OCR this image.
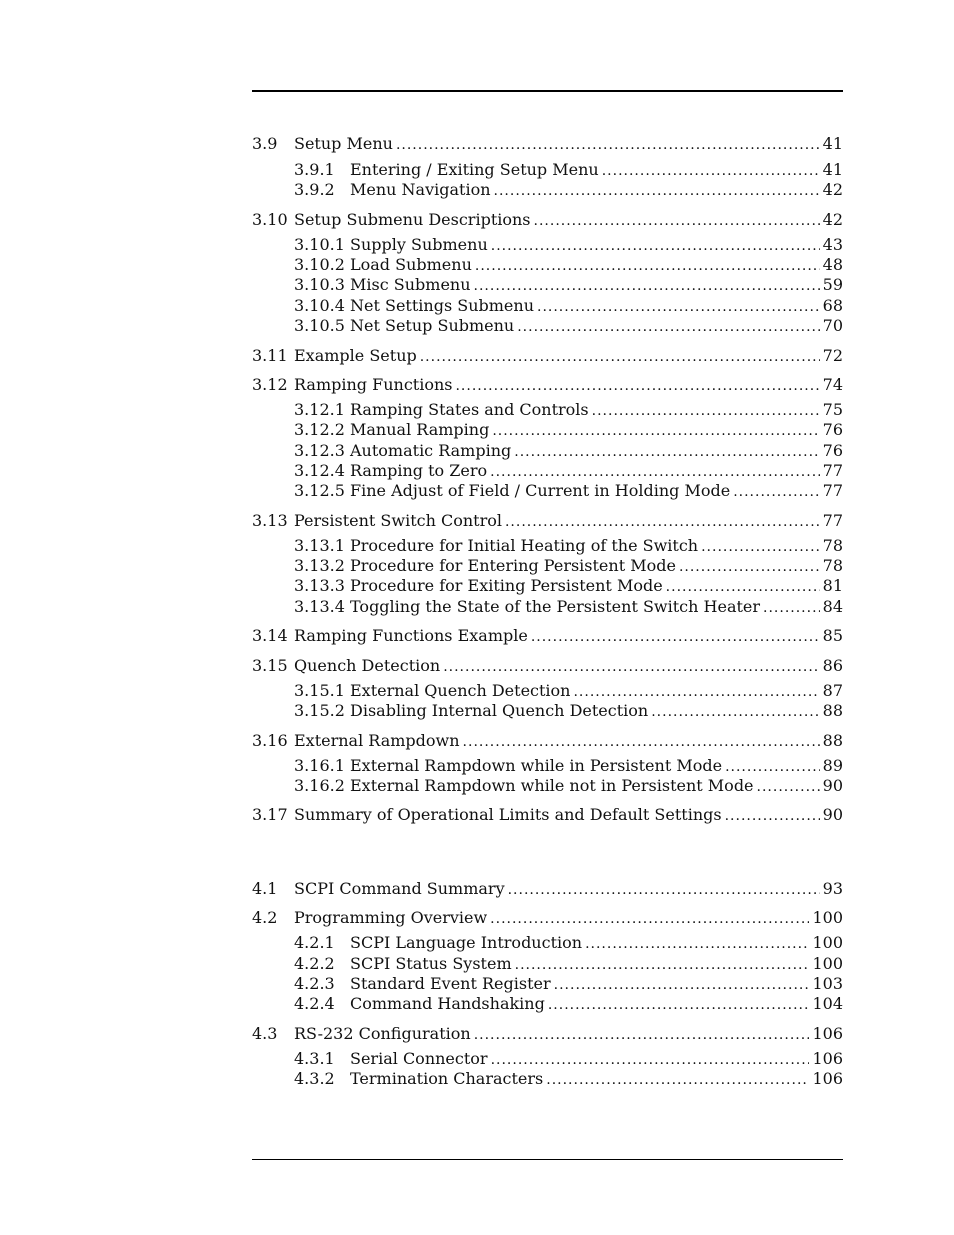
3.9	Setup Menu .....	41
3.9.1 Entering / Exiting Setup Menu .....	41
3.9.2 Menu Navigation .....	42
3.10 Setup Submenu Descriptions .....	42
3.10.1 Supply Submenu .....	43
3.10.2 Load Submenu .....	48
3.10.3 Misc Submenu .....	59
3.10.4 Net Settings Submenu .....	68
3.10.5 Net Setup Submenu .....	70
3.11 Example Setup .....	72
3.12 Ramping Functions .....	74
3.12.1 Ramping States and Controls .....	75
3.12.2 Manual Ramping .....	76
3.12.3 Automatic Ramping .....	76
3.12.4 Ramping to Zero .....	77
3.12.5 Fine Adjust of Field / Current in Holding Mode .....	77
3.13 Persistent Switch Control .....	77
3.13.1 Procedure for Initial Heating of the Switch .....	78
3.13.2 Procedure for Entering Persistent Mode .....	78
3.13.3 Procedure for Exiting Persistent Mode .....	81
3.13.4 Toggling the State of the Persistent Switch Heater .....	84
3.14 Ramping Functions Example .....	85
3.15 Quench Detection .....	86
3.15.1 External Quench Detection .....	87
3.15.2 Disabling Internal Quench Detection .....	88
3.16 External Rampdown .....	88
3.16.1 External Rampdown while in Persistent Mode .....	89
3.16.2 External Rampdown while not in Persistent Mode .....	90
3.17 Summary of Operational Limits and Default Settings .....	90
4.1	SCPI Command Summary .....	93
4.2	Programming Overview .....	100
4.2.1 SCPI Language Introduction .....	100
4.2.2 SCPI Status System .....	100
4.2.3 Standard Event Register .....	103
4.2.4 Command Handshaking .....	104
4.3	RS-232 Configuration .....	106
4.3.1 Serial Connector .....	106
4.3.2 Termination Characters .....	106
